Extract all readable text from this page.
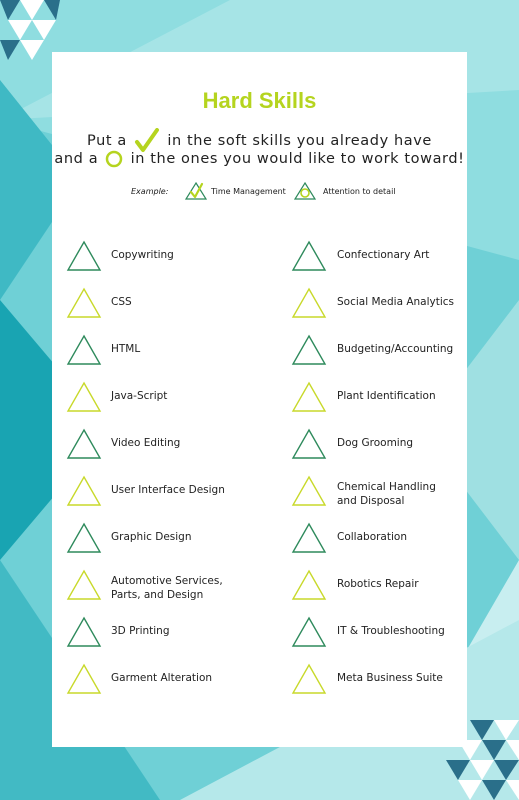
Hard Skills
Put a	in the soft skills you already have
and a in the ones you would like to work toward!
Example:	Time Management	Attention to detail
Copywriting
CSS
HTML
Java-Script
Video Editing
User Interface Design
Graphic Design
Automotive Services,
Parts, and Design
3D Printing
Garment Alteration
Confectionary Art
Social Media Analytics
Budgeting/Accounting
Plant Identification
Dog Grooming
Chemical Handling
and Disposal
Collaboration
Robotics Repair
IT & Troubleshooting
Meta Business Suite
